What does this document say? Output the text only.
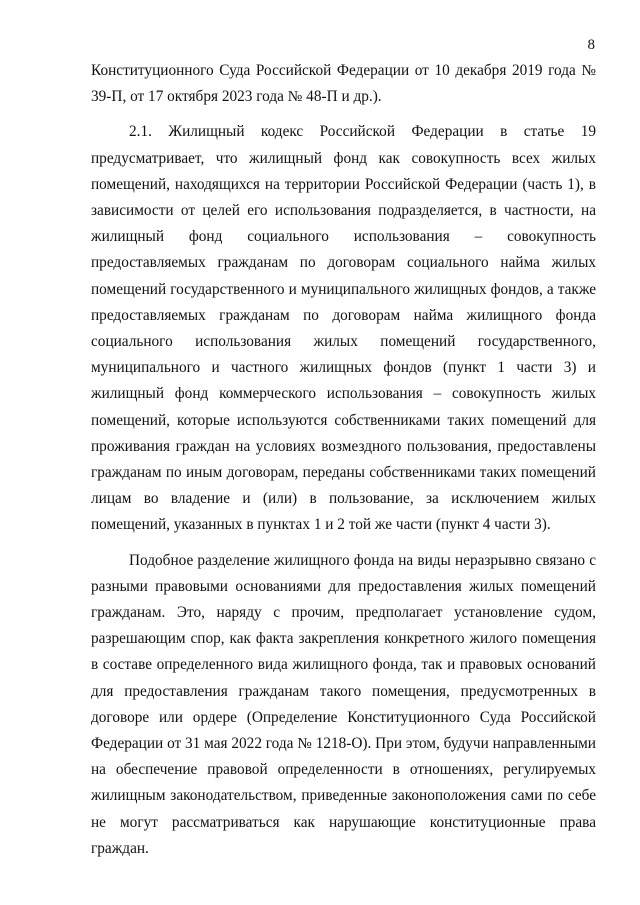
8

Конституционного Суда Российской Федерации от 10 декабря 2019 года № 39-П, от 17 октября 2023 года № 48-П и др.).

2.1. Жилищный кодекс Российской Федерации в статье 19 предусматривает, что жилищный фонд как совокупность всех жилых помещений, находящихся на территории Российской Федерации (часть 1), в зависимости от целей его использования подразделяется, в частности, на жилищный фонд социального использования – совокупность предоставляемых гражданам по договорам социального найма жилых помещений государственного и муниципального жилищных фондов, а также предоставляемых гражданам по договорам найма жилищного фонда социального использования жилых помещений государственного, муниципального и частного жилищных фондов (пункт 1 части 3) и жилищный фонд коммерческого использования – совокупность жилых помещений, которые используются собственниками таких помещений для проживания граждан на условиях возмездного пользования, предоставлены гражданам по иным договорам, переданы собственниками таких помещений лицам во владение и (или) в пользование, за исключением жилых помещений, указанных в пунктах 1 и 2 той же части (пункт 4 части 3).

Подобное разделение жилищного фонда на виды неразрывно связано с разными правовыми основаниями для предоставления жилых помещений гражданам. Это, наряду с прочим, предполагает установление судом, разрешающим спор, как факта закрепления конкретного жилого помещения в составе определенного вида жилищного фонда, так и правовых оснований для предоставления гражданам такого помещения, предусмотренных в договоре или ордере (Определение Конституционного Суда Российской Федерации от 31 мая 2022 года № 1218-О). При этом, будучи направленными на обеспечение правовой определенности в отношениях, регулируемых жилищным законодательством, приведенные законоположения сами по себе не могут рассматриваться как нарушающие конституционные права граждан.
